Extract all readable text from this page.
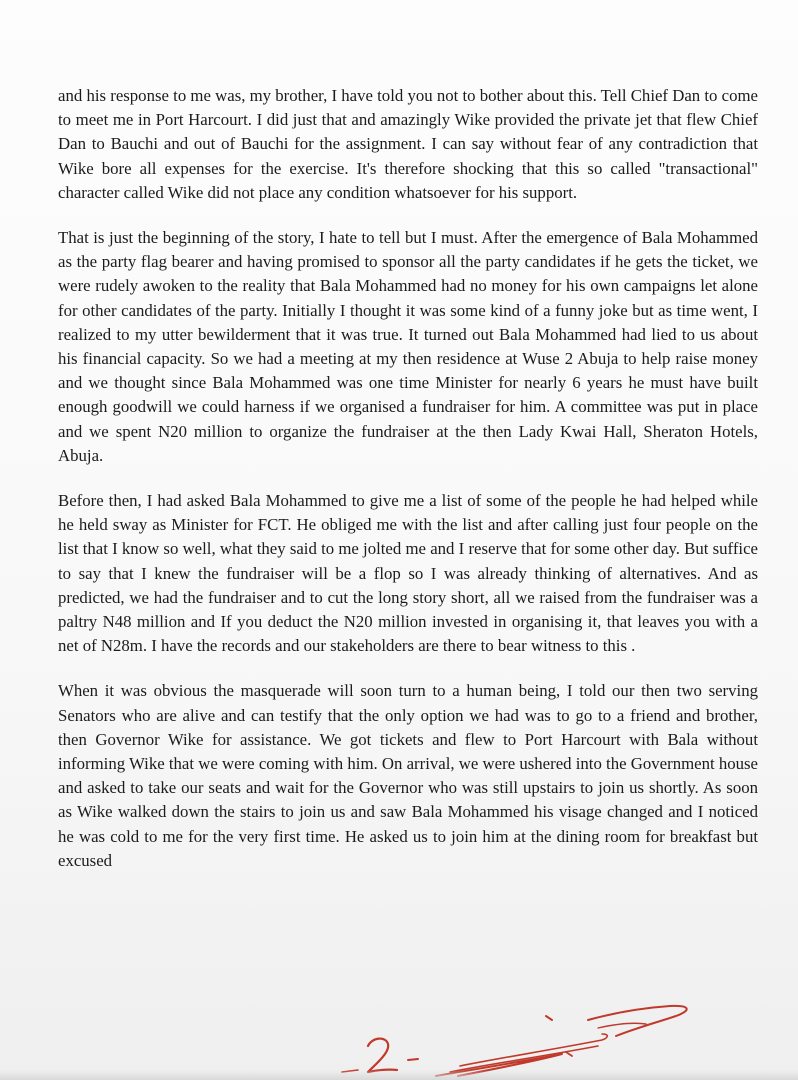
and his response to me was, my brother, I have told you not to bother about this. Tell Chief Dan to come to meet me in Port Harcourt. I did just that and amazingly Wike provided the private jet that flew Chief Dan to Bauchi and out of Bauchi for the assignment. I can say without fear of any contradiction that Wike bore all expenses for the exercise. It's therefore shocking that this so called "transactional" character called Wike did not place any condition whatsoever for his support.

That is just the beginning of the story, I hate to tell but I must. After the emergence of Bala Mohammed as the party flag bearer and having promised to sponsor all the party candidates if he gets the ticket, we were rudely awoken to the reality that Bala Mohammed had no money for his own campaigns let alone for other candidates of the party. Initially I thought it was some kind of a funny joke but as time went, I realized to my utter bewilderment that it was true. It turned out Bala Mohammed had lied to us about his financial capacity. So we had a meeting at my then residence at Wuse 2 Abuja to help raise money and we thought since Bala Mohammed was one time Minister for nearly 6 years he must have built enough goodwill we could harness if we organised a fundraiser for him. A committee was put in place and we spent N20 million to organize the fundraiser at the then Lady Kwai Hall, Sheraton Hotels, Abuja.

Before then, I had asked Bala Mohammed to give me a list of some of the people he had helped while he held sway as Minister for FCT. He obliged me with the list and after calling just four people on the list that I know so well, what they said to me jolted me and I reserve that for some other day. But suffice to say that I knew the fundraiser will be a flop so I was already thinking of alternatives. And as predicted, we had the fundraiser and to cut the long story short, all we raised from the fundraiser was a paltry N48 million and If you deduct the N20 million invested in organising it, that leaves you with a net of N28m. I have the records and our stakeholders are there to bear witness to this .

When it was obvious the masquerade will soon turn to a human being, I told our then two serving Senators who are alive and can testify that the only option we had was to go to a friend and brother, then Governor Wike for assistance. We got tickets and flew to Port Harcourt with Bala without informing Wike that we were coming with him. On arrival, we were ushered into the Government house and asked to take our seats and wait for the Governor who was still upstairs to join us shortly. As soon as Wike walked down the stairs to join us and saw Bala Mohammed his visage changed and I noticed he was cold to me for the very first time. He asked us to join him at the dining room for breakfast but excused
